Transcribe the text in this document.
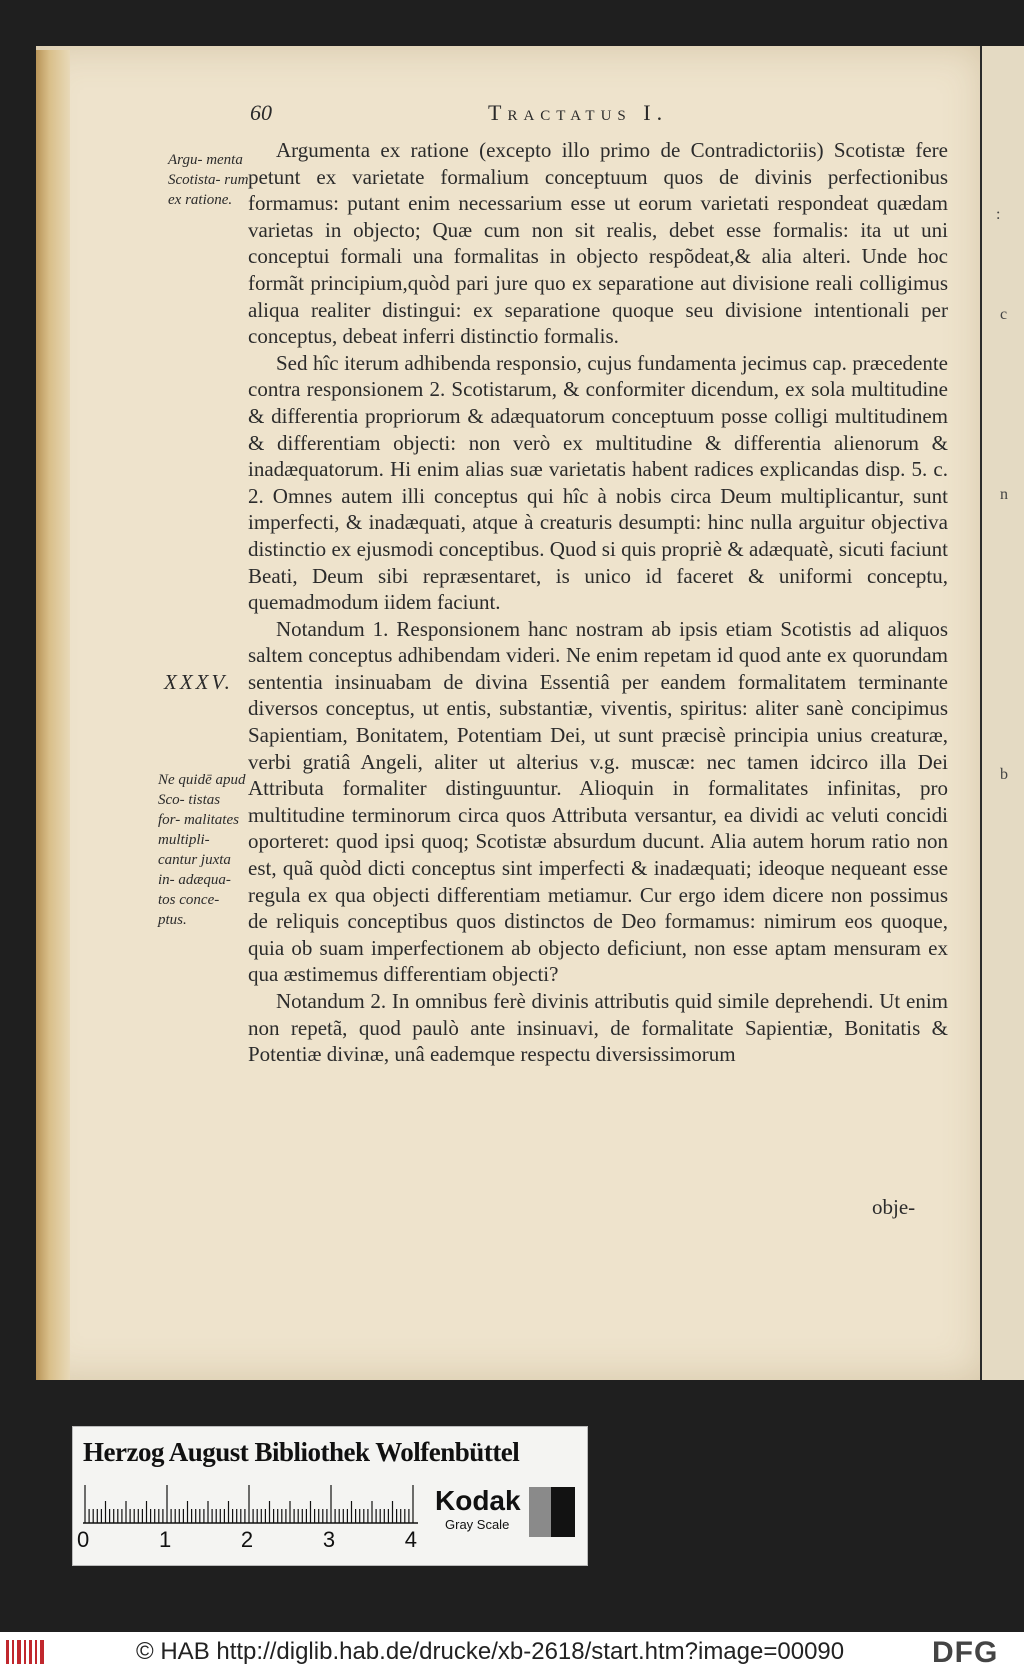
:
c
n
b
60	Tractatus I.
Argu- menta Scotista- rum ex ratione.
XXXV.
Ne quidē apud Sco- tistas for- malitates multipli- cantur juxta in- adæqua- tos conce- ptus.

Argumenta ex ratione (excepto illo primo de Contradictoriis) Scotistæ fere petunt ex varietate formalium conceptuum quos de divinis perfectionibus formamus: putant enim necessarium esse ut eorum varietati respondeat quædam varietas in objecto; Quæ cum non sit realis, debet esse formalis: ita ut uni conceptui formali una formalitas in objecto respõdeat,& alia alteri. Unde hoc formãt principium,quòd pari jure quo ex separatione aut divisione reali colligimus aliqua realiter distingui: ex separatione quoque seu divisione intentionali per conceptus, debeat inferri distinctio formalis.

Sed hîc iterum adhibenda responsio, cujus fundamenta jecimus cap. præcedente contra responsionem 2. Scotistarum, & conformiter dicendum, ex sola multitudine & differentia propriorum & adæquatorum conceptuum posse colligi multitudinem & differentiam objecti: non verò ex multitudine & differentia alienorum & inadæquatorum. Hi enim alias suæ varietatis habent radices explicandas disp. 5. c. 2. Omnes autem illi conceptus qui hîc à nobis circa Deum multiplicantur, sunt imperfecti, & inadæquati, atque à creaturis desumpti: hinc nulla arguitur objectiva distinctio ex ejusmodi conceptibus. Quod si quis propriè & adæquatè, sicuti faciunt Beati, Deum sibi repræsentaret, is unico id faceret & uniformi conceptu, quemadmodum iidem faciunt.

Notandum 1. Responsionem hanc nostram ab ipsis etiam Scotistis ad aliquos saltem conceptus adhibendam videri. Ne enim repetam id quod ante ex quorundam sententia insinuabam de divina Essentiâ per eandem formalitatem terminante diversos conceptus, ut entis, substantiæ, viventis, spiritus: aliter sanè concipimus Sapientiam, Bonitatem, Potentiam Dei, ut sunt præcisè principia unius creaturæ, verbi gratiâ Angeli, aliter ut alterius v.g. muscæ: nec tamen idcirco illa Dei Attributa formaliter distinguuntur. Alioquin in formalitates infinitas, pro multitudine terminorum circa quos Attributa versantur, ea dividi ac veluti concidi oporteret: quod ipsi quoq; Scotistæ absurdum ducunt. Alia autem horum ratio non est, quã quòd dicti conceptus sint imperfecti & inadæquati; ideoque nequeant esse regula ex qua objecti differentiam metiamur. Cur ergo idem dicere non possimus de reliquis conceptibus quos distinctos de Deo formamus: nimirum eos quoque, quia ob suam imperfectionem ab objecto deficiunt, non esse aptam mensuram ex qua æstimemus differentiam objecti?

Notandum 2. In omnibus ferè divinis attributis quid simile deprehendi. Ut enim non repetã, quod paulò ante insinuavi, de formalitate Sapientiæ, Bonitatis & Potentiæ divinæ, unâ eademque respectu diversissimorum

obje-
Herzog August Bibliothek Wolfenbüttel
0	1	2	3	4
Kodak
Gray Scale
© HAB http://diglib.hab.de/drucke/xb-2618/start.htm?image=00090	DFG
